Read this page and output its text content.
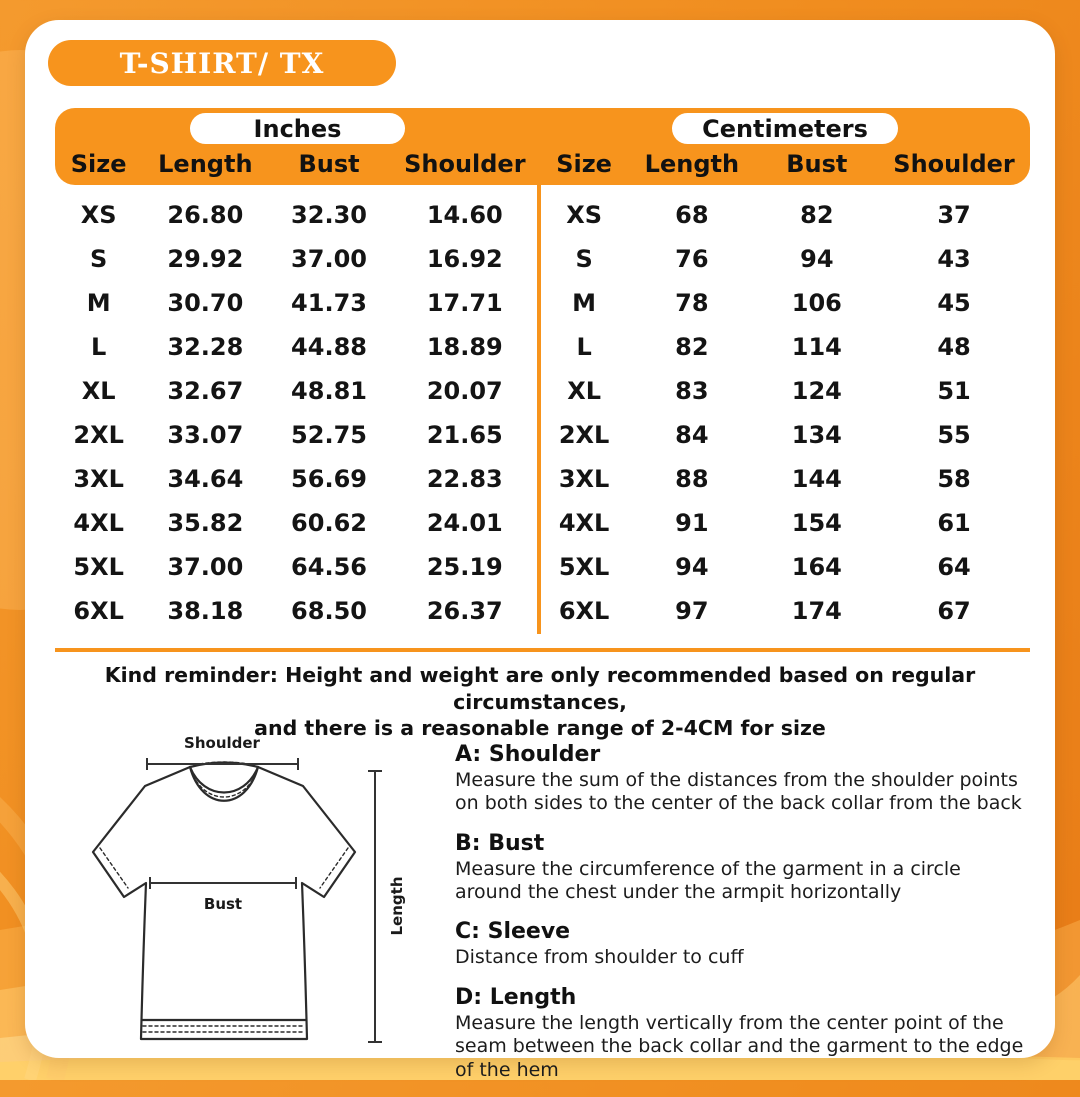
T-SHIRT/ TX
Inches
Size	Length	Bust	Shoulder
Centimeters
Size	Length	Bust	Shoulder
XS	26.80	32.30	14.60
S	29.92	37.00	16.92
M	30.70	41.73	17.71
L	32.28	44.88	18.89
XL	32.67	48.81	20.07
2XL	33.07	52.75	21.65
3XL	34.64	56.69	22.83
4XL	35.82	60.62	24.01
5XL	37.00	64.56	25.19
6XL	38.18	68.50	26.37
XS	68	82	37
S	76	94	43
M	78	106	45
L	82	114	48
XL	83	124	51
2XL	84	134	55
3XL	88	144	58
4XL	91	154	61
5XL	94	164	64
6XL	97	174	67
Kind reminder: Height and weight are only recommended based on regular circumstances,
and there is a reasonable range of 2-4CM for size
Shoulder
Bust	Length
A: Shoulder
Measure the sum of the distances from the shoulder points on both sides to the center of the back collar from the back
B: Bust
Measure the circumference of the garment in a circle around the chest under the armpit horizontally
C: Sleeve
Distance from shoulder to cuff
D: Length
Measure the length vertically from the center point of the seam between the back collar and the garment to the edge of the hem
